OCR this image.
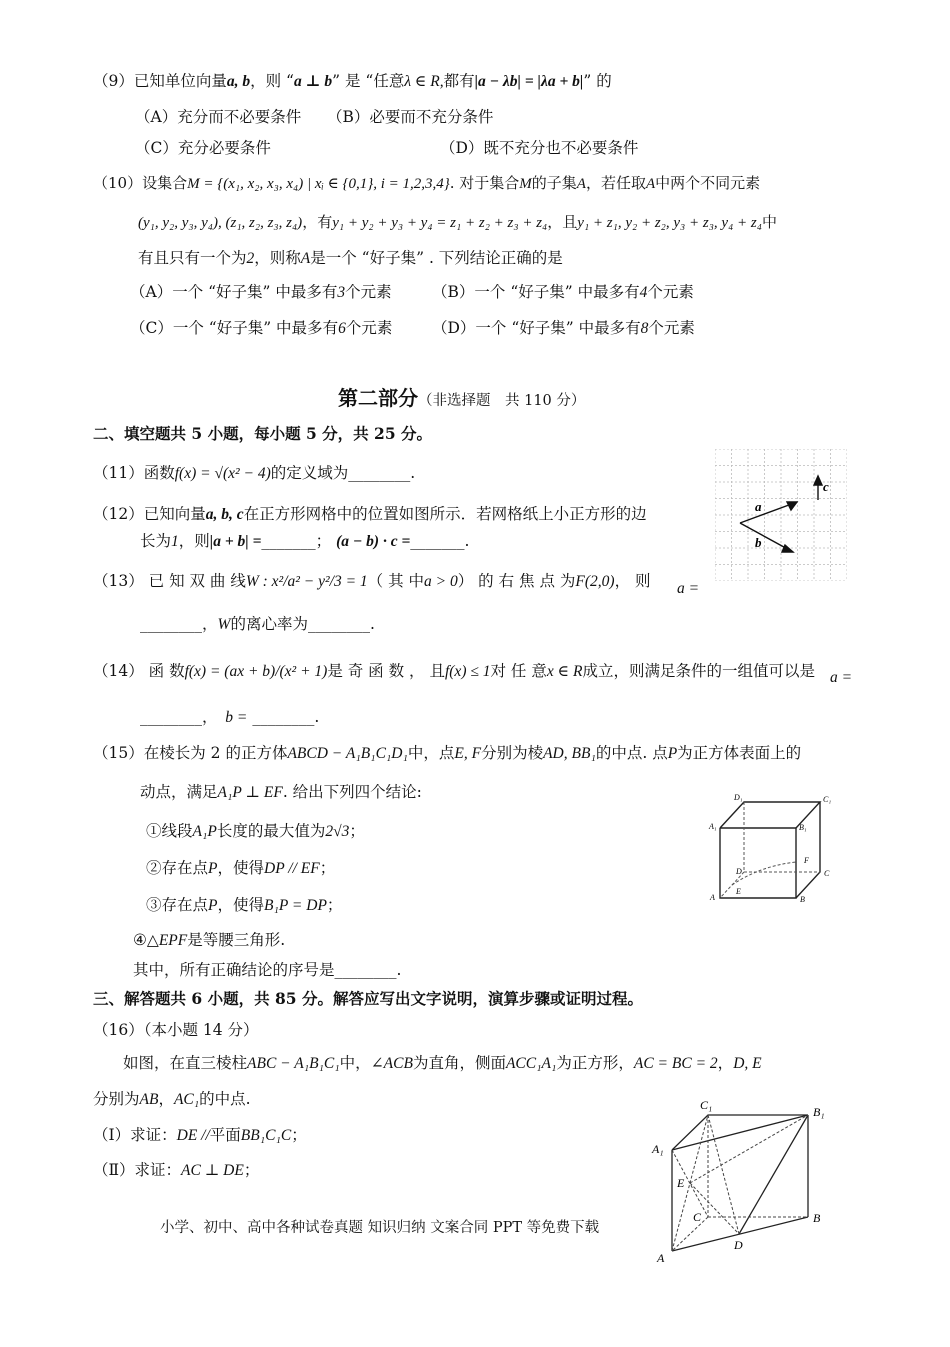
（9）已知单位向量a, b，则 “a ⊥ b” 是 “任意λ ∈ R,都有|a − λb| = |λa + b|” 的
（A）充分而不必要条件 （B）必要而不充分条件
（C）充分必要条件	（D）既不充分也不必要条件
（10）设集合M = {(x₁, x₂, x₃, x₄) | xᵢ ∈ {0,1}, i = 1,2,3,4}. 对于集合M的子集A，若任取A中两个不同元素
(y₁, y₂, y₃, y₄), (z₁, z₂, z₃, z₄)，有y₁ + y₂ + y₃ + y₄ = z₁ + z₂ + z₃ + z₄，且y₁ + z₁, y₂ + z₂, y₃ + z₃, y₄ + z₄中
有且只有一个为2，则称A是一个 “好子集” . 下列结论正确的是
（A）一个 “好子集” 中最多有3个元素	（B）一个 “好子集” 中最多有4个元素
（C）一个 “好子集” 中最多有6个元素	（D）一个 “好子集” 中最多有8个元素
第二部分（非选择题　共 110 分）
二、填空题共 5 小题，每小题 5 分，共 25 分。
（11）函数f(x) = √(x² − 4)的定义域为________.
（12）已知向量a, b, c在正方形网格中的位置如图所示．若网格纸上小正方形的边
长为1，则|a + b| =_______； (a − b) · c =_______.
a
b
c
（13） 已 知 双 曲 线W : x²/a² − y²/3 = 1（ 其 中a > 0） 的 右 焦 点 为F(2,0)， 则 a =
________，W的离心率为________.
（14） 函 数f(x) = (ax + b)/(x² + 1)是 奇 函 数 ， 且f(x) ≤ 1对 任 意x ∈ R成立，则满足条件的一组值可以是 a =
________，　 b = ________.
（15）在棱长为 2 的正方体ABCD − A₁B₁C₁D₁中，点E, F分别为棱AD, BB₁的中点. 点P为正方体表面上的
动点，满足A₁P ⊥ EF. 给出下列四个结论:
①线段A₁P长度的最大值为2√3；
②存在点P，使得DP // EF；
③存在点P，使得B₁P = DP；
④△EPF是等腰三角形.
其中，所有正确结论的序号是________.
D₁	C₁
A₁	B₁
D	C
A	B
E
F
三、解答题共 6 小题，共 85 分。解答应写出文字说明，演算步骤或证明过程。
（16）（本小题 14 分）
如图，在直三棱柱ABC − A₁B₁C₁中，∠ACB为直角，侧面ACC₁A₁为正方形，AC = BC = 2，D, E
分别为AB，AC₁的中点.
（Ⅰ）求证：DE //平面BB₁C₁C；
（Ⅱ）求证：AC ⊥ DE；
C₁	B₁
A₁
E
C	B
A
D
小学、初中、高中各种试卷真题 知识归纳 文案合同 PPT 等免费下载
